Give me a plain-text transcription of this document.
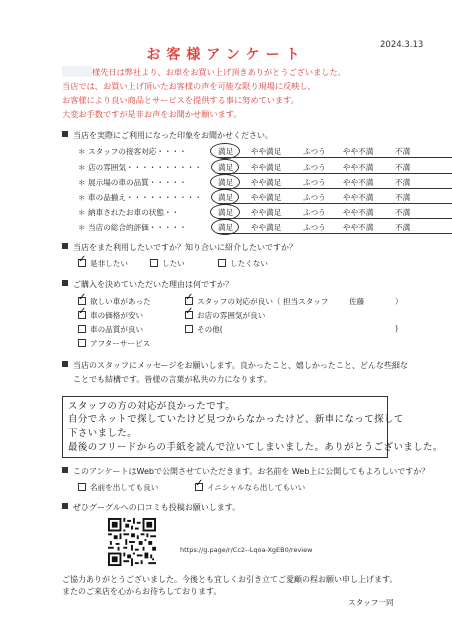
2024.3.13
お客様アンケート
様先日は弊社より、お車をお買い上げ頂きありがとうございました。
当店では、お買い上げ頂いたお客様の声を可能な限り現場に反映し、
お客様により良い商品とサービスを提供する事に努めています。
大変お手数ですが是非お声をお聞かせ願います。
当店を実際にご利用になった印象をお聞かせください。
＊ スタッフの接客対応・・・・	満足 やや満足	ふつう やや不満	不満
＊ 店の雰囲気・・・・・・・・・・ 満足 やや満足	ふつう やや不満	不満
＊ 展示場の車の品質・・・・・	満足 やや満足	ふつう やや不満	不満
＊ 車の品揃え・・・・・・・・・・ 満足 やや満足	ふつう やや不満	不満
＊ 納車されたお車の状態・・	満足 やや満足	ふつう やや不満	不満
＊ 当店の総合的評価・・・・・	満足 やや満足	ふつう やや不満	不満
当店をまた利用したいですか？知り合いに紹介したいですか？
✓是非したい	したい	したくない
ご購入を決めていただいた理由は何ですか？
✓欲しい車があった ✓	スタッフの対応が良い（ 担当スタッフ	佐藤	）
✓車の価格が安い ✓	お店の雰囲気が良い
車の品質が良い	その他(	)
アフターサービス
当店のスタッフにメッセージをお願いします。良かったこと、嬉しかったこと、どんな些細な
ことでも結構です。皆様の言葉が私共の力になります。
スタッフの方の対応が良かったです。
自分でネットで探していたけど見つからなかったけど、新車になって探して
下さいました。
最後のフリードからの手紙を読んで泣いてしまいました。ありがとうございました。
このアンケートはWebで公開させていただきます。お名前を Web上に公開してもよろしいですか？
名前を出しても良い ✓	イニシャルなら出してもいい
ぜひグーグルへの口コミも投稿お願いします。
https://g.page/r/Cc2--Lqoa-XgEB0/review
ご協力ありがとうございました。今後とも宜しくお引き立てご愛顧の程お願い申し上げます。
またのご来店を心からお待ちしております。
スタッフ一同
